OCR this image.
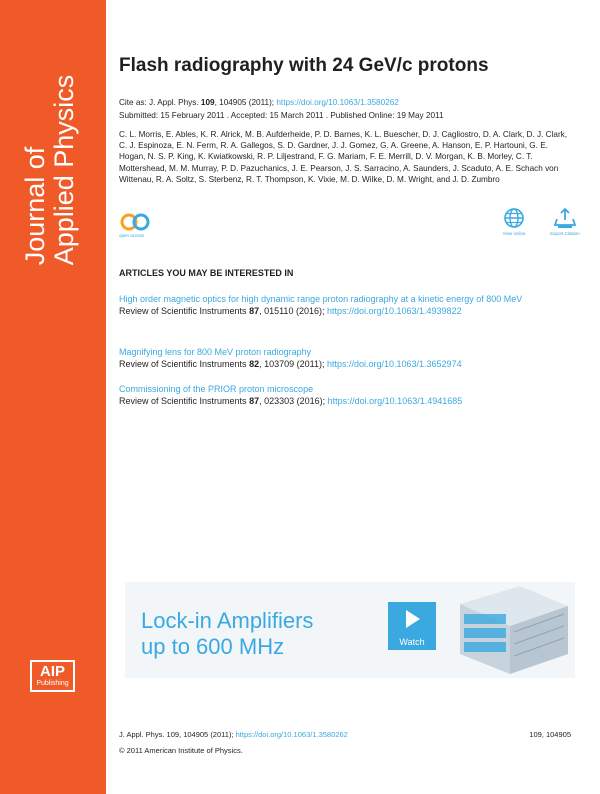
Journal of Applied Physics
AIP
Publishing
Flash radiography with 24 GeV/c protons
Cite as: J. Appl. Phys. 109, 104905 (2011); https://doi.org/10.1063/1.3580262
Submitted: 15 February 2011 . Accepted: 15 March 2011 . Published Online: 19 May 2011
C. L. Morris, E. Ables, K. R. Alrick, M. B. Aufderheide, P. D. Barnes, K. L. Buescher, D. J. Cagliostro, D. A. Clark, D. J. Clark, C. J. Espinoza, E. N. Ferm, R. A. Gallegos, S. D. Gardner, J. J. Gomez, G. A. Greene, A. Hanson, E. P. Hartouni, G. E. Hogan, N. S. P. King, K. Kwiatkowski, R. P. Liljestrand, F. G. Mariam, F. E. Merrill, D. V. Morgan, K. B. Morley, C. T. Mottershead, M. M. Murray, P. D. Pazuchanics, J. E. Pearson, J. S. Sarracino, A. Saunders, J. Scaduto, A. E. Schach von Wittenau, R. A. Soltz, S. Sterbenz, R. T. Thompson, K. Vixie, M. D. Wilke, D. M. Wright, and J. D. Zumbro
open access	View online	Export Citation
ARTICLES YOU MAY BE INTERESTED IN
High order magnetic optics for high dynamic range proton radiography at a kinetic energy of 800 MeV
Review of Scientific Instruments 87, 015110 (2016); https://doi.org/10.1063/1.4939822
Magnifying lens for 800 MeV proton radiography
Review of Scientific Instruments 82, 103709 (2011); https://doi.org/10.1063/1.3652974
Commissioning of the PRIOR proton microscope
Review of Scientific Instruments 87, 023303 (2016); https://doi.org/10.1063/1.4941685
Lock-in Amplifiers
up to 600 MHz	Watch
J. Appl. Phys. 109, 104905 (2011); https://doi.org/10.1063/1.3580262	109, 104905
© 2011 American Institute of Physics.
